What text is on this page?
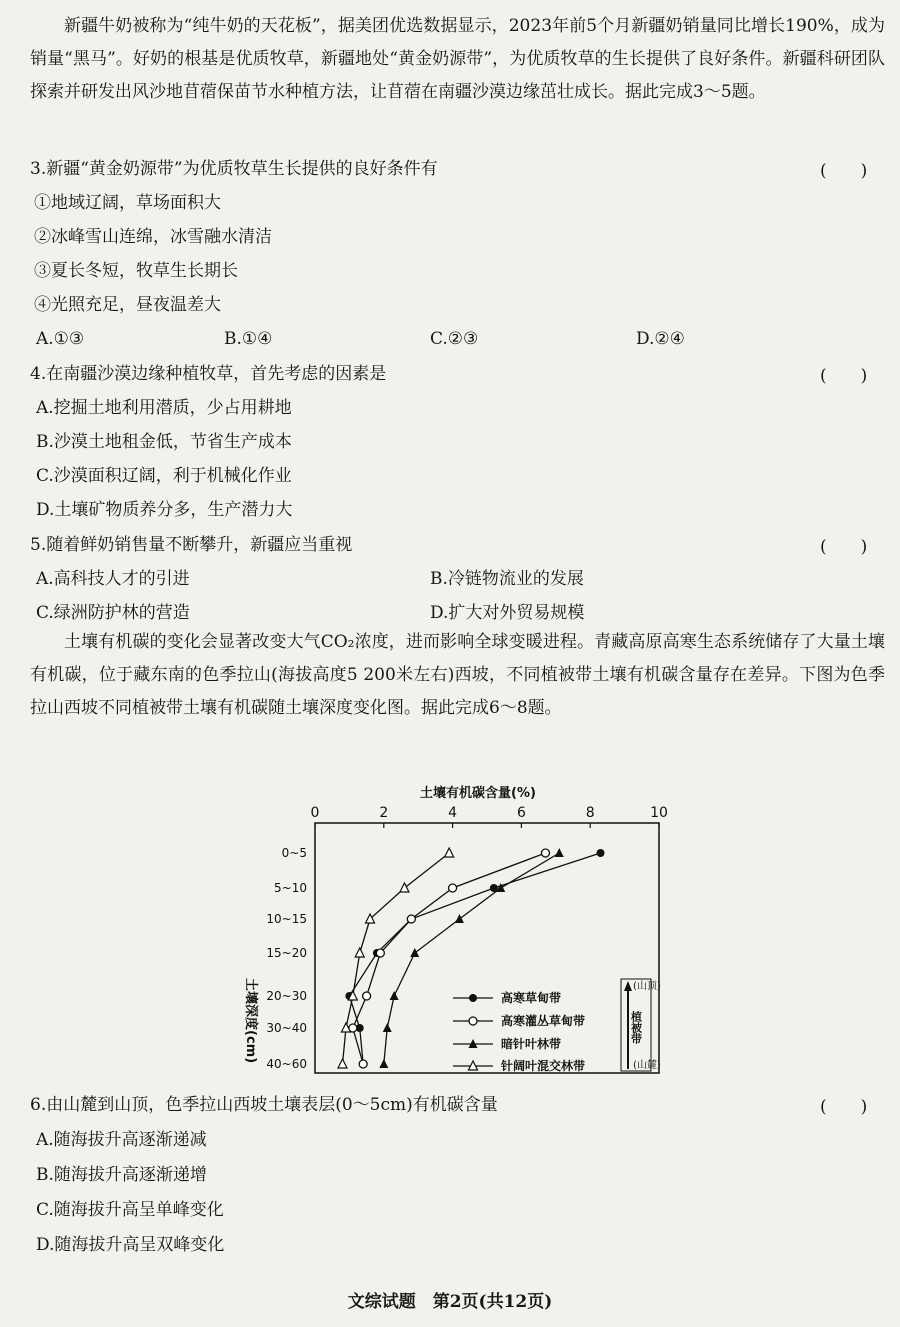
新疆牛奶被称为“纯牛奶的天花板”，据美团优选数据显示，2023年前5个月新疆奶销量同比增长190%，成为销量“黑马”。好奶的根基是优质牧草，新疆地处“黄金奶源带”，为优质牧草的生长提供了良好条件。新疆科研团队探索并研发出风沙地苜蓿保苗节水种植方法，让苜蓿在南疆沙漠边缘茁壮成长。据此完成3～5题。
3.新疆“黄金奶源带”为优质牧草生长提供的良好条件有	(　　)
①地域辽阔，草场面积大
②冰峰雪山连绵，冰雪融水清洁
③夏长冬短，牧草生长期长
④光照充足，昼夜温差大
A.①③	B.①④	C.②③	D.②④
4.在南疆沙漠边缘种植牧草，首先考虑的因素是	(　　)
A.挖掘土地利用潜质，少占用耕地
B.沙漠土地租金低，节省生产成本
C.沙漠面积辽阔，利于机械化作业
D.土壤矿物质养分多，生产潜力大
5.随着鲜奶销售量不断攀升，新疆应当重视	(　　)
A.高科技人才的引进	B.冷链物流业的发展
C.绿洲防护林的营造	D.扩大对外贸易规模
土壤有机碳的变化会显著改变大气CO₂浓度，进而影响全球变暖进程。青藏高原高寒生态系统储存了大量土壤有机碳，位于藏东南的色季拉山(海拔高度5 200米左右)西坡，不同植被带土壤有机碳含量存在差异。下图为色季拉山西坡不同植被带土壤有机碳随土壤深度变化图。据此完成6～8题。
土壤有机碳含量(%)
0	2	4	6	8	10
土壤深度(cm)
0~5
5~10
10~15
15~20
20~30
30~40
40~60
高寒草甸带
高寒灌丛草甸带
暗针叶林带
针阔叶混交林带
(山顶)
植被带
(山麓)
6.由山麓到山顶，色季拉山西坡土壤表层(0～5cm)有机碳含量	(　　)
A.随海拔升高逐渐递减
B.随海拔升高逐渐递增
C.随海拔升高呈单峰变化
D.随海拔升高呈双峰变化
文综试题　第2页(共12页)
